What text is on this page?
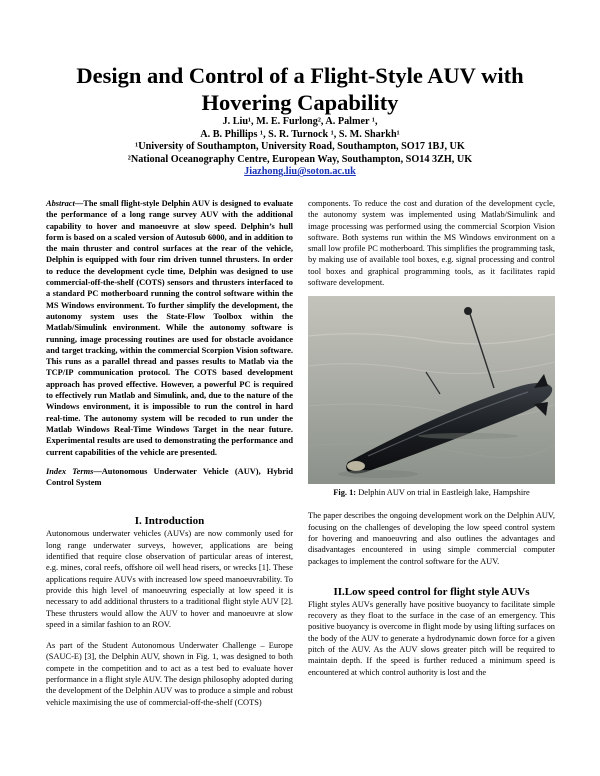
Design and Control of a Flight-Style AUV with Hovering Capability
J. Liu¹, M. E. Furlong², A. Palmer ¹,
A. B. Phillips ¹, S. R. Turnock ¹, S. M. Sharkh¹
¹University of Southampton, University Road, Southampton, SO17 1BJ, UK
²National Oceanography Centre, European Way, Southampton, SO14 3ZH, UK
Jiazhong.liu@soton.ac.uk

Abstract—The small flight-style Delphin AUV is designed to evaluate the performance of a long range survey AUV with the additional capability to hover and manoeuvre at slow speed. Delphin’s hull form is based on a scaled version of Autosub 6000, and in addition to the main thruster and control surfaces at the rear of the vehicle, Delphin is equipped with four rim driven tunnel thrusters. In order to reduce the development cycle time, Delphin was designed to use commercial-off-the-shelf (COTS) sensors and thrusters interfaced to a standard PC motherboard running the control software within the MS Windows environment. To further simplify the development, the autonomy system uses the State-Flow Toolbox within the Matlab/Simulink environment. While the autonomy software is running, image processing routines are used for obstacle avoidance and target tracking, within the commercial Scorpion Vision software. This runs as a parallel thread and passes results to Matlab via the TCP/IP communication protocol. The COTS based development approach has proved effective. However, a powerful PC is required to effectively run Matlab and Simulink, and, due to the nature of the Windows environment, it is impossible to run the control in hard real-time. The autonomy system will be recoded to run under the Matlab Windows Real-Time Windows Target in the near future. Experimental results are used to demonstrating the performance and current capabilities of the vehicle are presented.

Index Terms—Autonomous Underwater Vehicle (AUV), Hybrid Control System

I. Introduction

Autonomous underwater vehicles (AUVs) are now commonly used for long range underwater surveys, however, applications are being identified that require close observation of particular areas of interest, e.g. mines, coral reefs, offshore oil well head risers, or wrecks [1]. These applications require AUVs with increased low speed manoeuvrability. To provide this high level of manoeuvring especially at low speed it is necessary to add additional thrusters to a traditional flight style AUV [2]. These thrusters would allow the AUV to hover and manoeuvre at slow speed in a similar fashion to an ROV.

As part of the Student Autonomous Underwater Challenge – Europe (SAUC-E) [3], the Delphin AUV, shown in Fig. 1, was designed to both compete in the competition and to act as a test bed to evaluate hover performance in a flight style AUV. The design philosophy adopted during the development of the Delphin AUV was to produce a simple and robust vehicle maximising the use of commercial-off-the-shelf (COTS)

components. To reduce the cost and duration of the development cycle, the autonomy system was implemented using Matlab/Simulink and image processing was performed using the commercial Scorpion Vision software. Both systems run within the MS Windows environment on a small low profile PC motherboard. This simplifies the programming task, by making use of available tool boxes, e.g. signal processing and control tool boxes and graphical programming tools, as it facilitates rapid software development.

Fig. 1: Delphin AUV on trial in Eastleigh lake, Hampshire

The paper describes the ongoing development work on the Delphin AUV, focusing on the challenges of developing the low speed control system for hovering and manoeuvring and also outlines the advantages and disadvantages encountered in using simple commercial computer packages to implement the control software for the AUV.

II.Low speed control for flight style AUVs

Flight styles AUVs generally have positive buoyancy to facilitate simple recovery as they float to the surface in the case of an emergency. This positive buoyancy is overcome in flight mode by using lifting surfaces on the body of the AUV to generate a hydrodynamic down force for a given pitch of the AUV. As the AUV slows greater pitch will be required to maintain depth. If the speed is further reduced a minimum speed is encountered at which control authority is lost and the
